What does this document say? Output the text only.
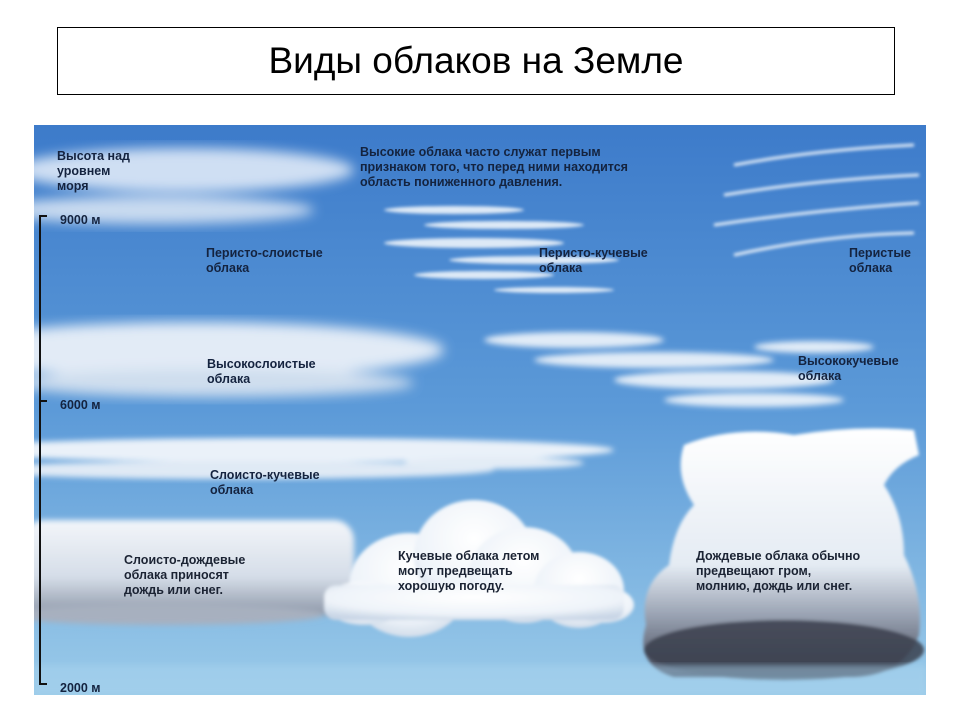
Виды облаков на Земле
Высота над
уровнем
моря
9000 м
6000 м
2000 м
Высокие облака часто служат первым
признаком того, что перед ними находится
область пониженного давления.
Перисто-слоистые
облака
Перисто-кучевые
облака
Перистые
облака
Высокослоистые
облака
Высококучевые
облака
Слоисто-кучевые
облака
Слоисто-дождевые
облака приносят
дождь или снег.
Кучевые облака летом
могут предвещать
хорошую погоду.
Дождевые облака обычно
предвещают гром,
молнию, дождь или снег.
